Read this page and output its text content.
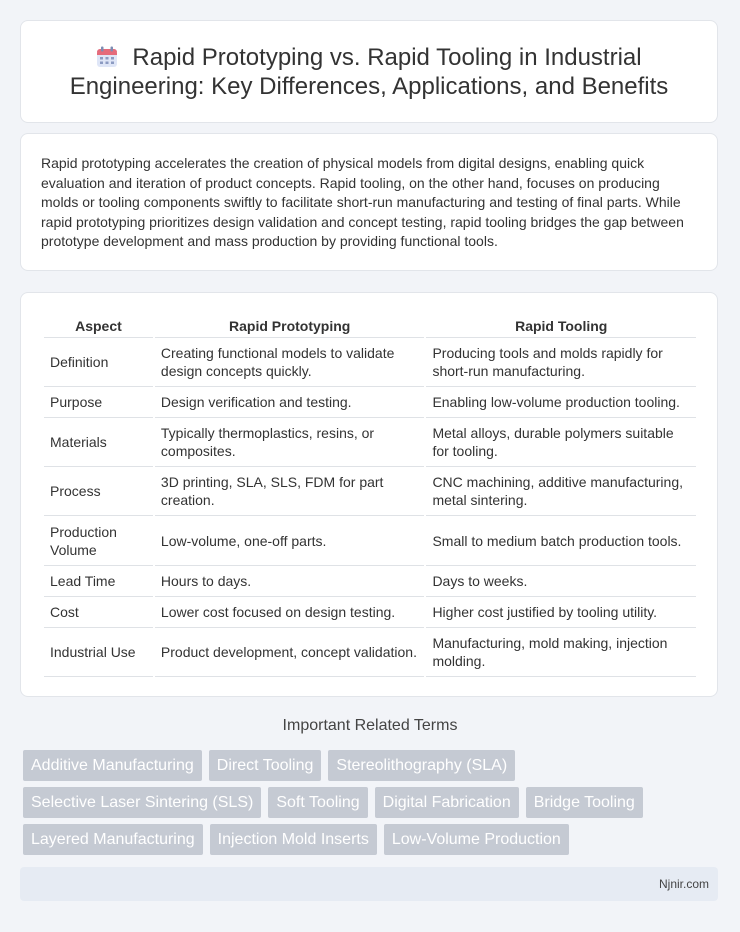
Rapid Prototyping vs. Rapid Tooling in Industrial
Engineering: Key Differences, Applications, and Benefits

Rapid prototyping accelerates the creation of physical models from digital designs, enabling quick evaluation and iteration of product concepts. Rapid tooling, on the other hand, focuses on producing molds or tooling components swiftly to facilitate short-run manufacturing and testing of final parts. While rapid prototyping prioritizes design validation and concept testing, rapid tooling bridges the gap between prototype development and mass production by providing functional tools.

Aspect	Rapid Prototyping	Rapid Tooling
Definition	Creating functional models to validate design concepts quickly.	Producing tools and molds rapidly for short-run manufacturing.
Purpose	Design verification and testing.	Enabling low-volume production tooling.
Materials	Typically thermoplastics, resins, or composites.	Metal alloys, durable polymers suitable for tooling.
Process	3D printing, SLA, SLS, FDM for part creation.	CNC machining, additive manufacturing, metal sintering.
Production Volume	Low-volume, one-off parts.	Small to medium batch production tools.
Lead Time	Hours to days.	Days to weeks.
Cost	Lower cost focused on design testing.	Higher cost justified by tooling utility.
Industrial Use	Product development, concept validation.	Manufacturing, mold making, injection molding.
Important Related Terms
Additive Manufacturing	Direct Tooling	Stereolithography (SLA)
Selective Laser Sintering (SLS)	Soft Tooling	Digital Fabrication	Bridge Tooling
Layered Manufacturing	Injection Mold Inserts	Low-Volume Production
Njnir.com
